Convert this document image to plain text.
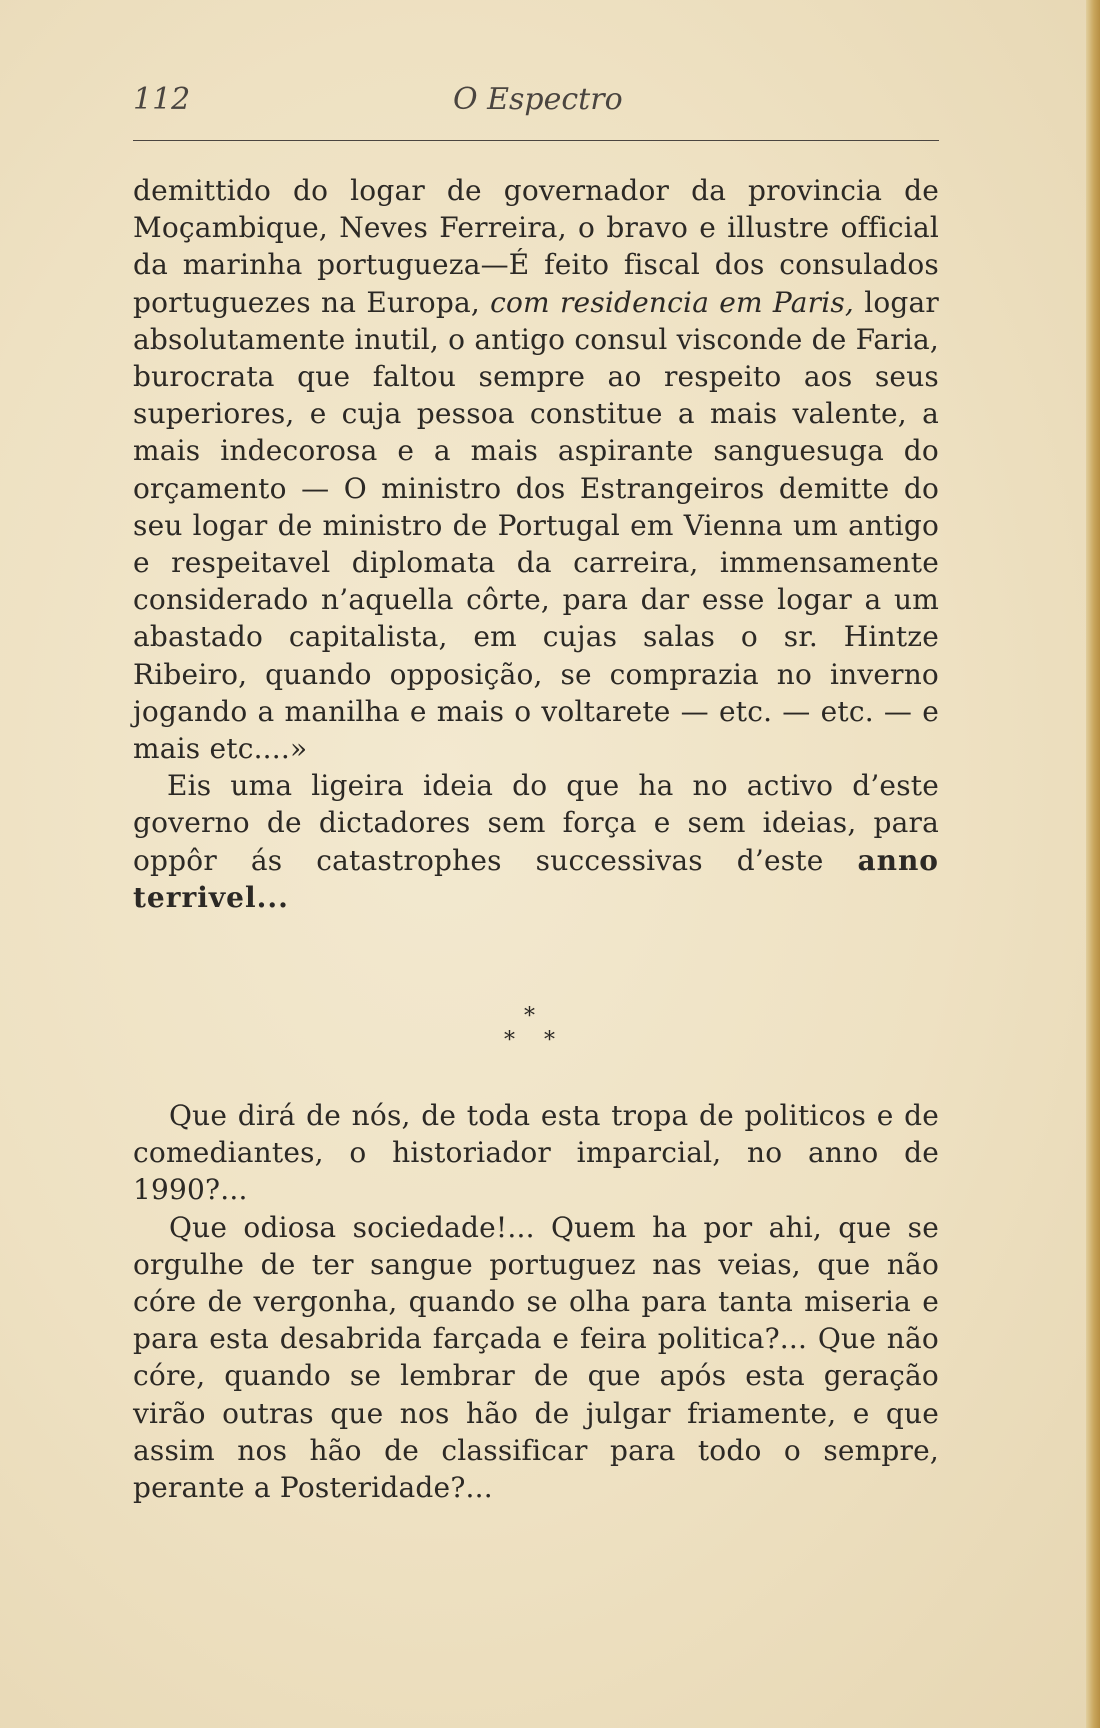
112	O Espectro

demittido do logar de governador da provincia de Moçambique, Neves Ferreira, o bravo e illustre official da marinha portugueza—É feito fiscal dos consulados portuguezes na Europa, com residencia em Paris, logar absolutamente inutil, o antigo consul visconde de Faria, burocrata que faltou sempre ao respeito aos seus superiores, e cuja pessoa constitue a mais valente, a mais indecorosa e a mais aspirante sanguesuga do orçamento — O ministro dos Estrangeiros demitte do seu logar de ministro de Portugal em Vienna um antigo e respeitavel diplomata da carreira, immensamente considerado n’aquella côrte, para dar esse logar a um abastado capitalista, em cujas salas o sr. Hintze Ribeiro, quando opposição, se comprazia no inverno jogando a manilha e mais o voltarete — etc. — etc. — e mais etc....»

Eis uma ligeira ideia do que ha no activo d’este governo de dictadores sem força e sem ideias, para oppôr ás catastrophes successivas d’este anno terrivel...

*
* *

Que dirá de nós, de toda esta tropa de politicos e de comediantes, o historiador imparcial, no anno de 1990?...

Que odiosa sociedade!... Quem ha por ahi, que se orgulhe de ter sangue portuguez nas veias, que não córe de vergonha, quando se olha para tanta miseria e para esta desabrida farçada e feira politica?... Que não córe, quando se lembrar de que após esta geração virão outras que nos hão de julgar friamente, e que assim nos hão de classificar para todo o sempre, perante a Posteridade?...
